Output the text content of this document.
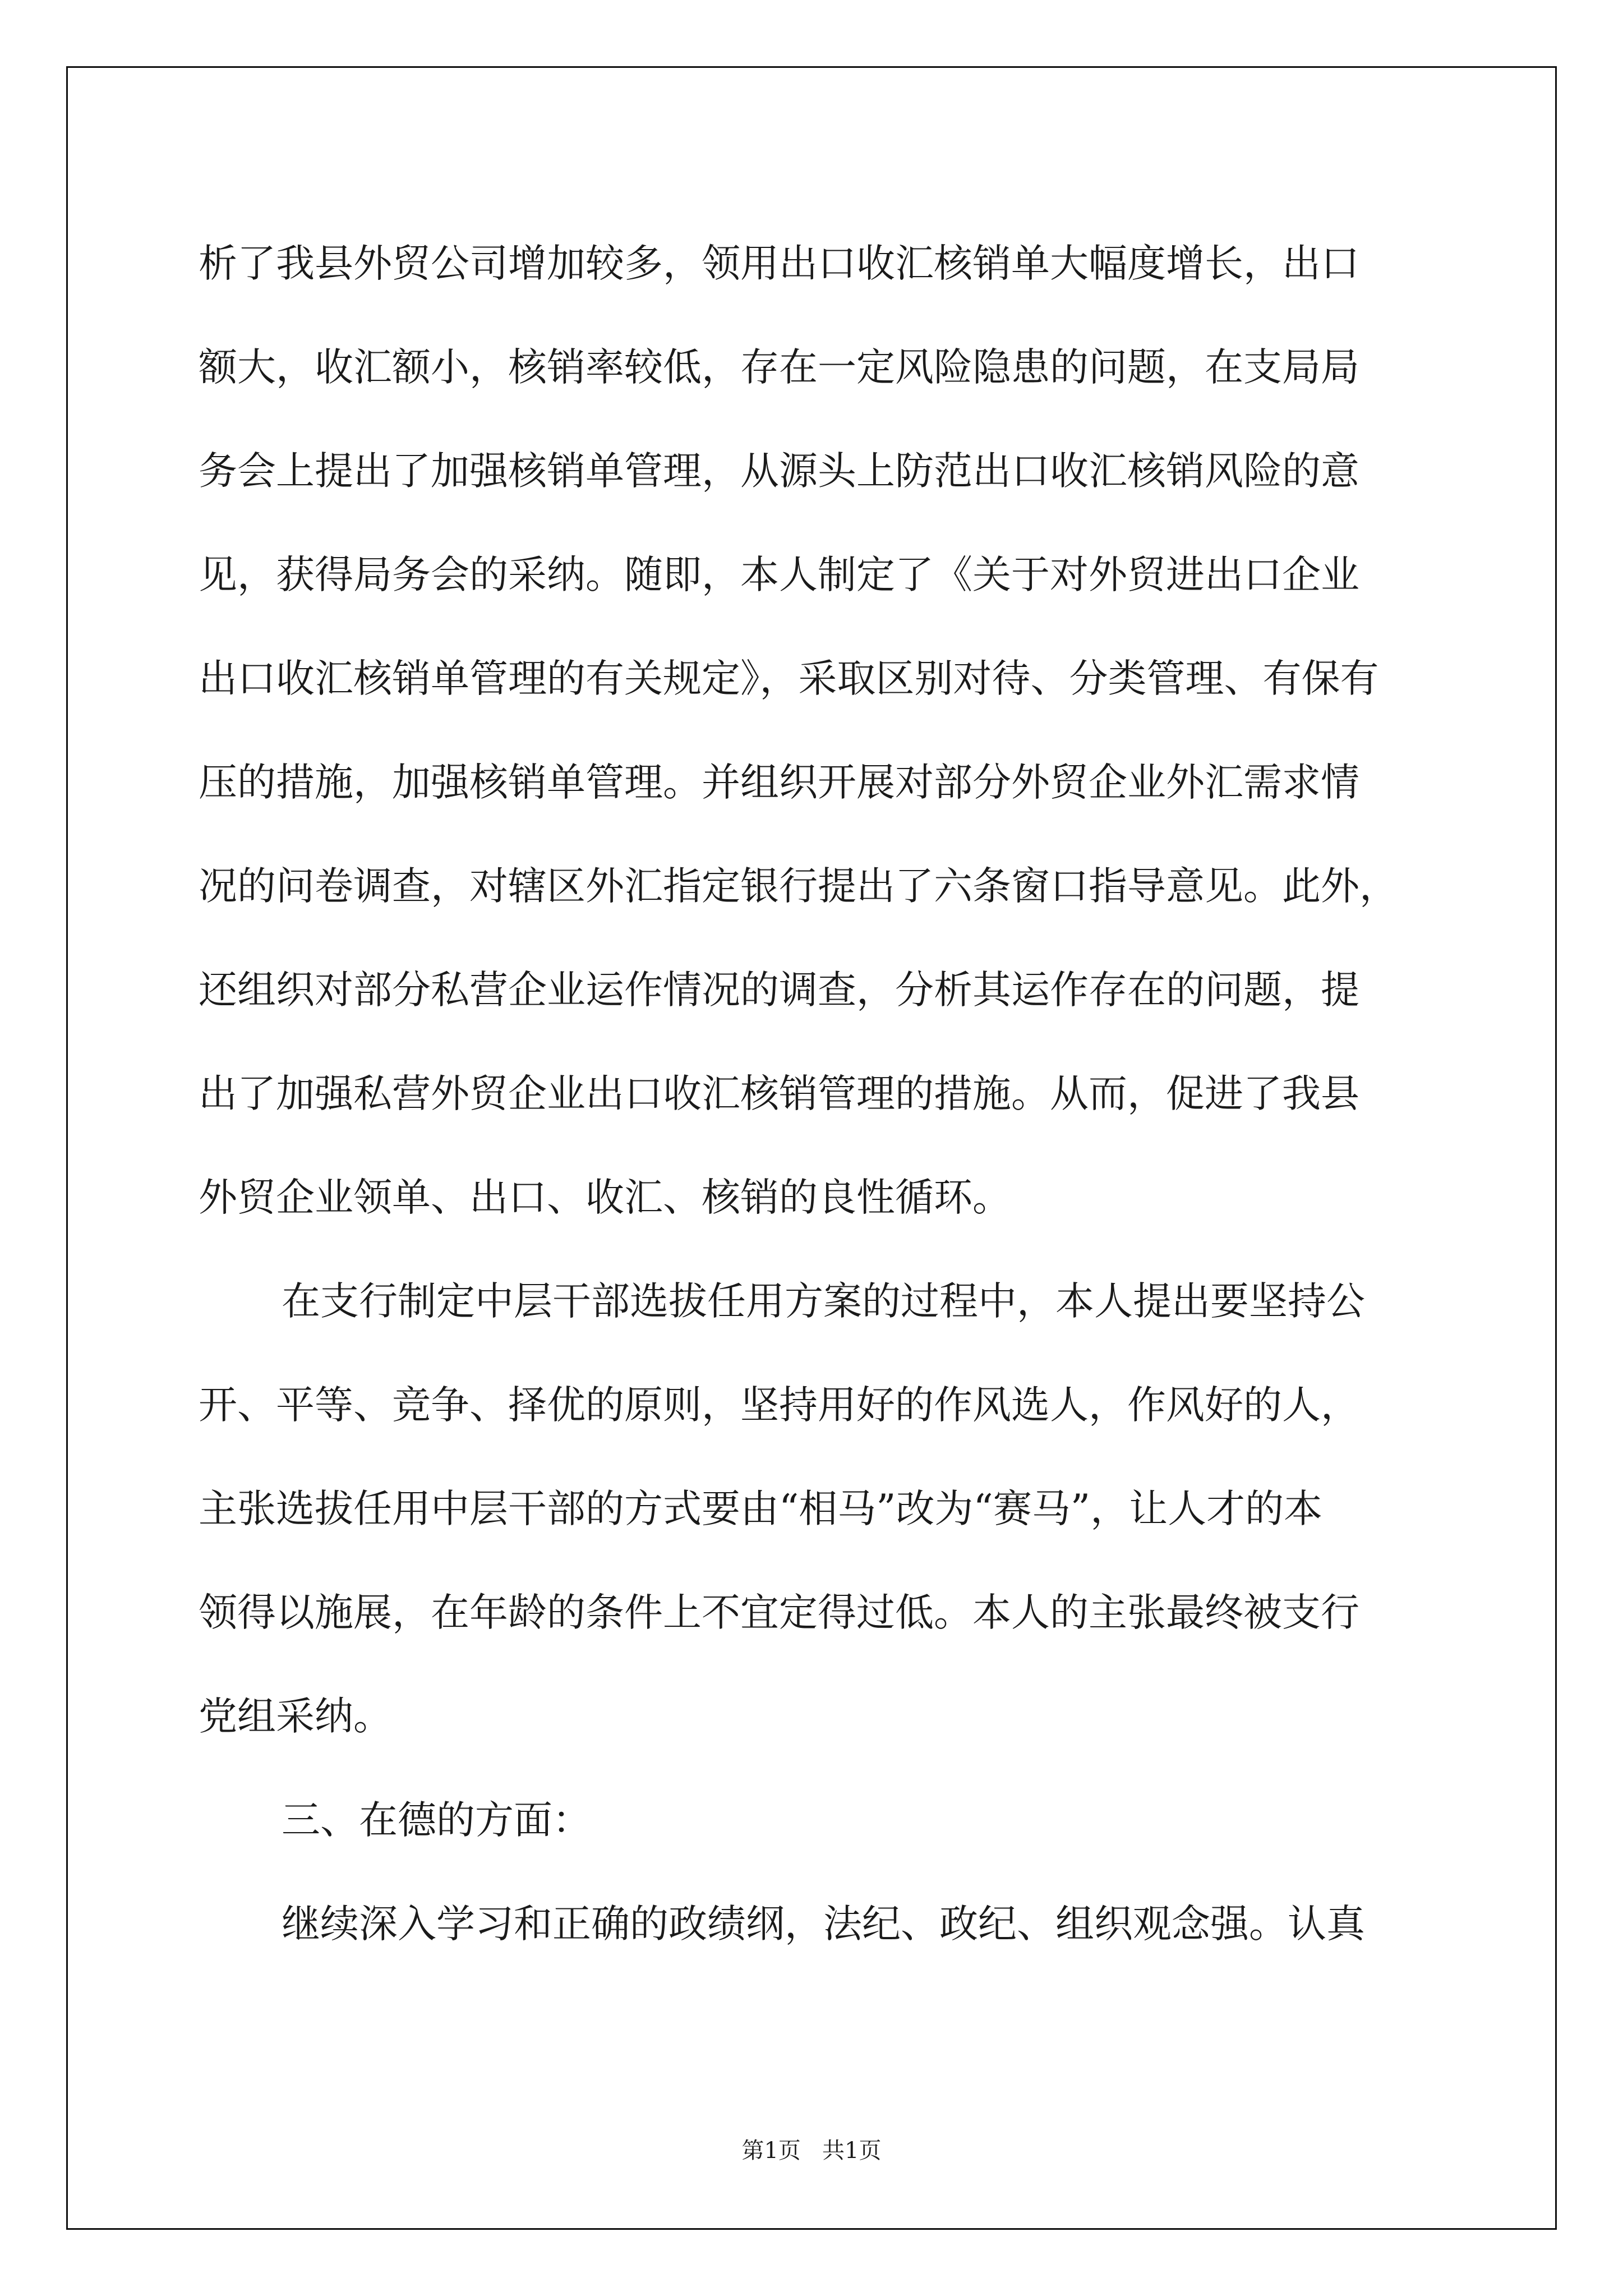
析了我县外贸公司增加较多，领用出口收汇核销单大幅度增长，出口
额大，收汇额小，核销率较低，存在一定风险隐患的问题，在支局局
务会上提出了加强核销单管理，从源头上防范出口收汇核销风险的意
见，获得局务会的采纳。随即，本人制定了《关于对外贸进出口企业
出口收汇核销单管理的有关规定》，采取区别对待、分类管理、有保有
压的措施，加强核销单管理。并组织开展对部分外贸企业外汇需求情
况的问卷调查，对辖区外汇指定银行提出了六条窗口指导意见。此外，
还组织对部分私营企业运作情况的调查，分析其运作存在的问题，提
出了加强私营外贸企业出口收汇核销管理的措施。从而，促进了我县
外贸企业领单、出口、收汇、核销的良性循环。
在支行制定中层干部选拔任用方案的过程中，本人提出要坚持公
开、平等、竞争、择优的原则，坚持用好的作风选人，作风好的人，
主张选拔任用中层干部的方式要由“相马”改为“赛马”，让人才的本
领得以施展，在年龄的条件上不宜定得过低。本人的主张最终被支行
党组采纳。
三、在德的方面：
继续深入学习和正确的政绩纲，法纪、政纪、组织观念强。认真
第1页   共1页
